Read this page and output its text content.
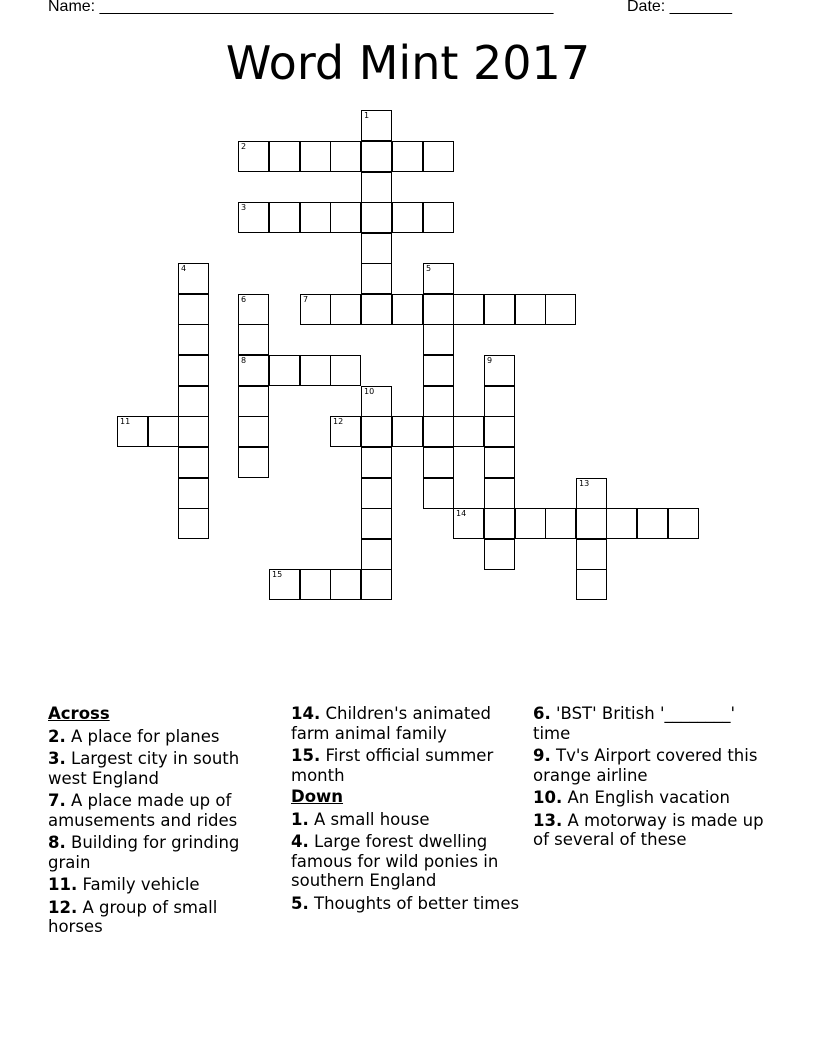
Name: ___________________________________________________	Date: _______
Word Mint 2017
1
2
3
4	5
6
8
7
9
10
11	12
13
14
15
Across
2. A place for planes
3. Largest city in south west England
7. A place made up of amusements and rides
8. Building for grinding grain
11. Family vehicle
12. A group of small horses
14. Children's animated farm animal family
15. First official summer month
Down
1. A small house
4. Large forest dwelling famous for wild ponies in southern England
5. Thoughts of better times
6. 'BST' British '________' time
9. Tv's Airport covered this orange airline
10. An English vacation
13. A motorway is made up of several of these
